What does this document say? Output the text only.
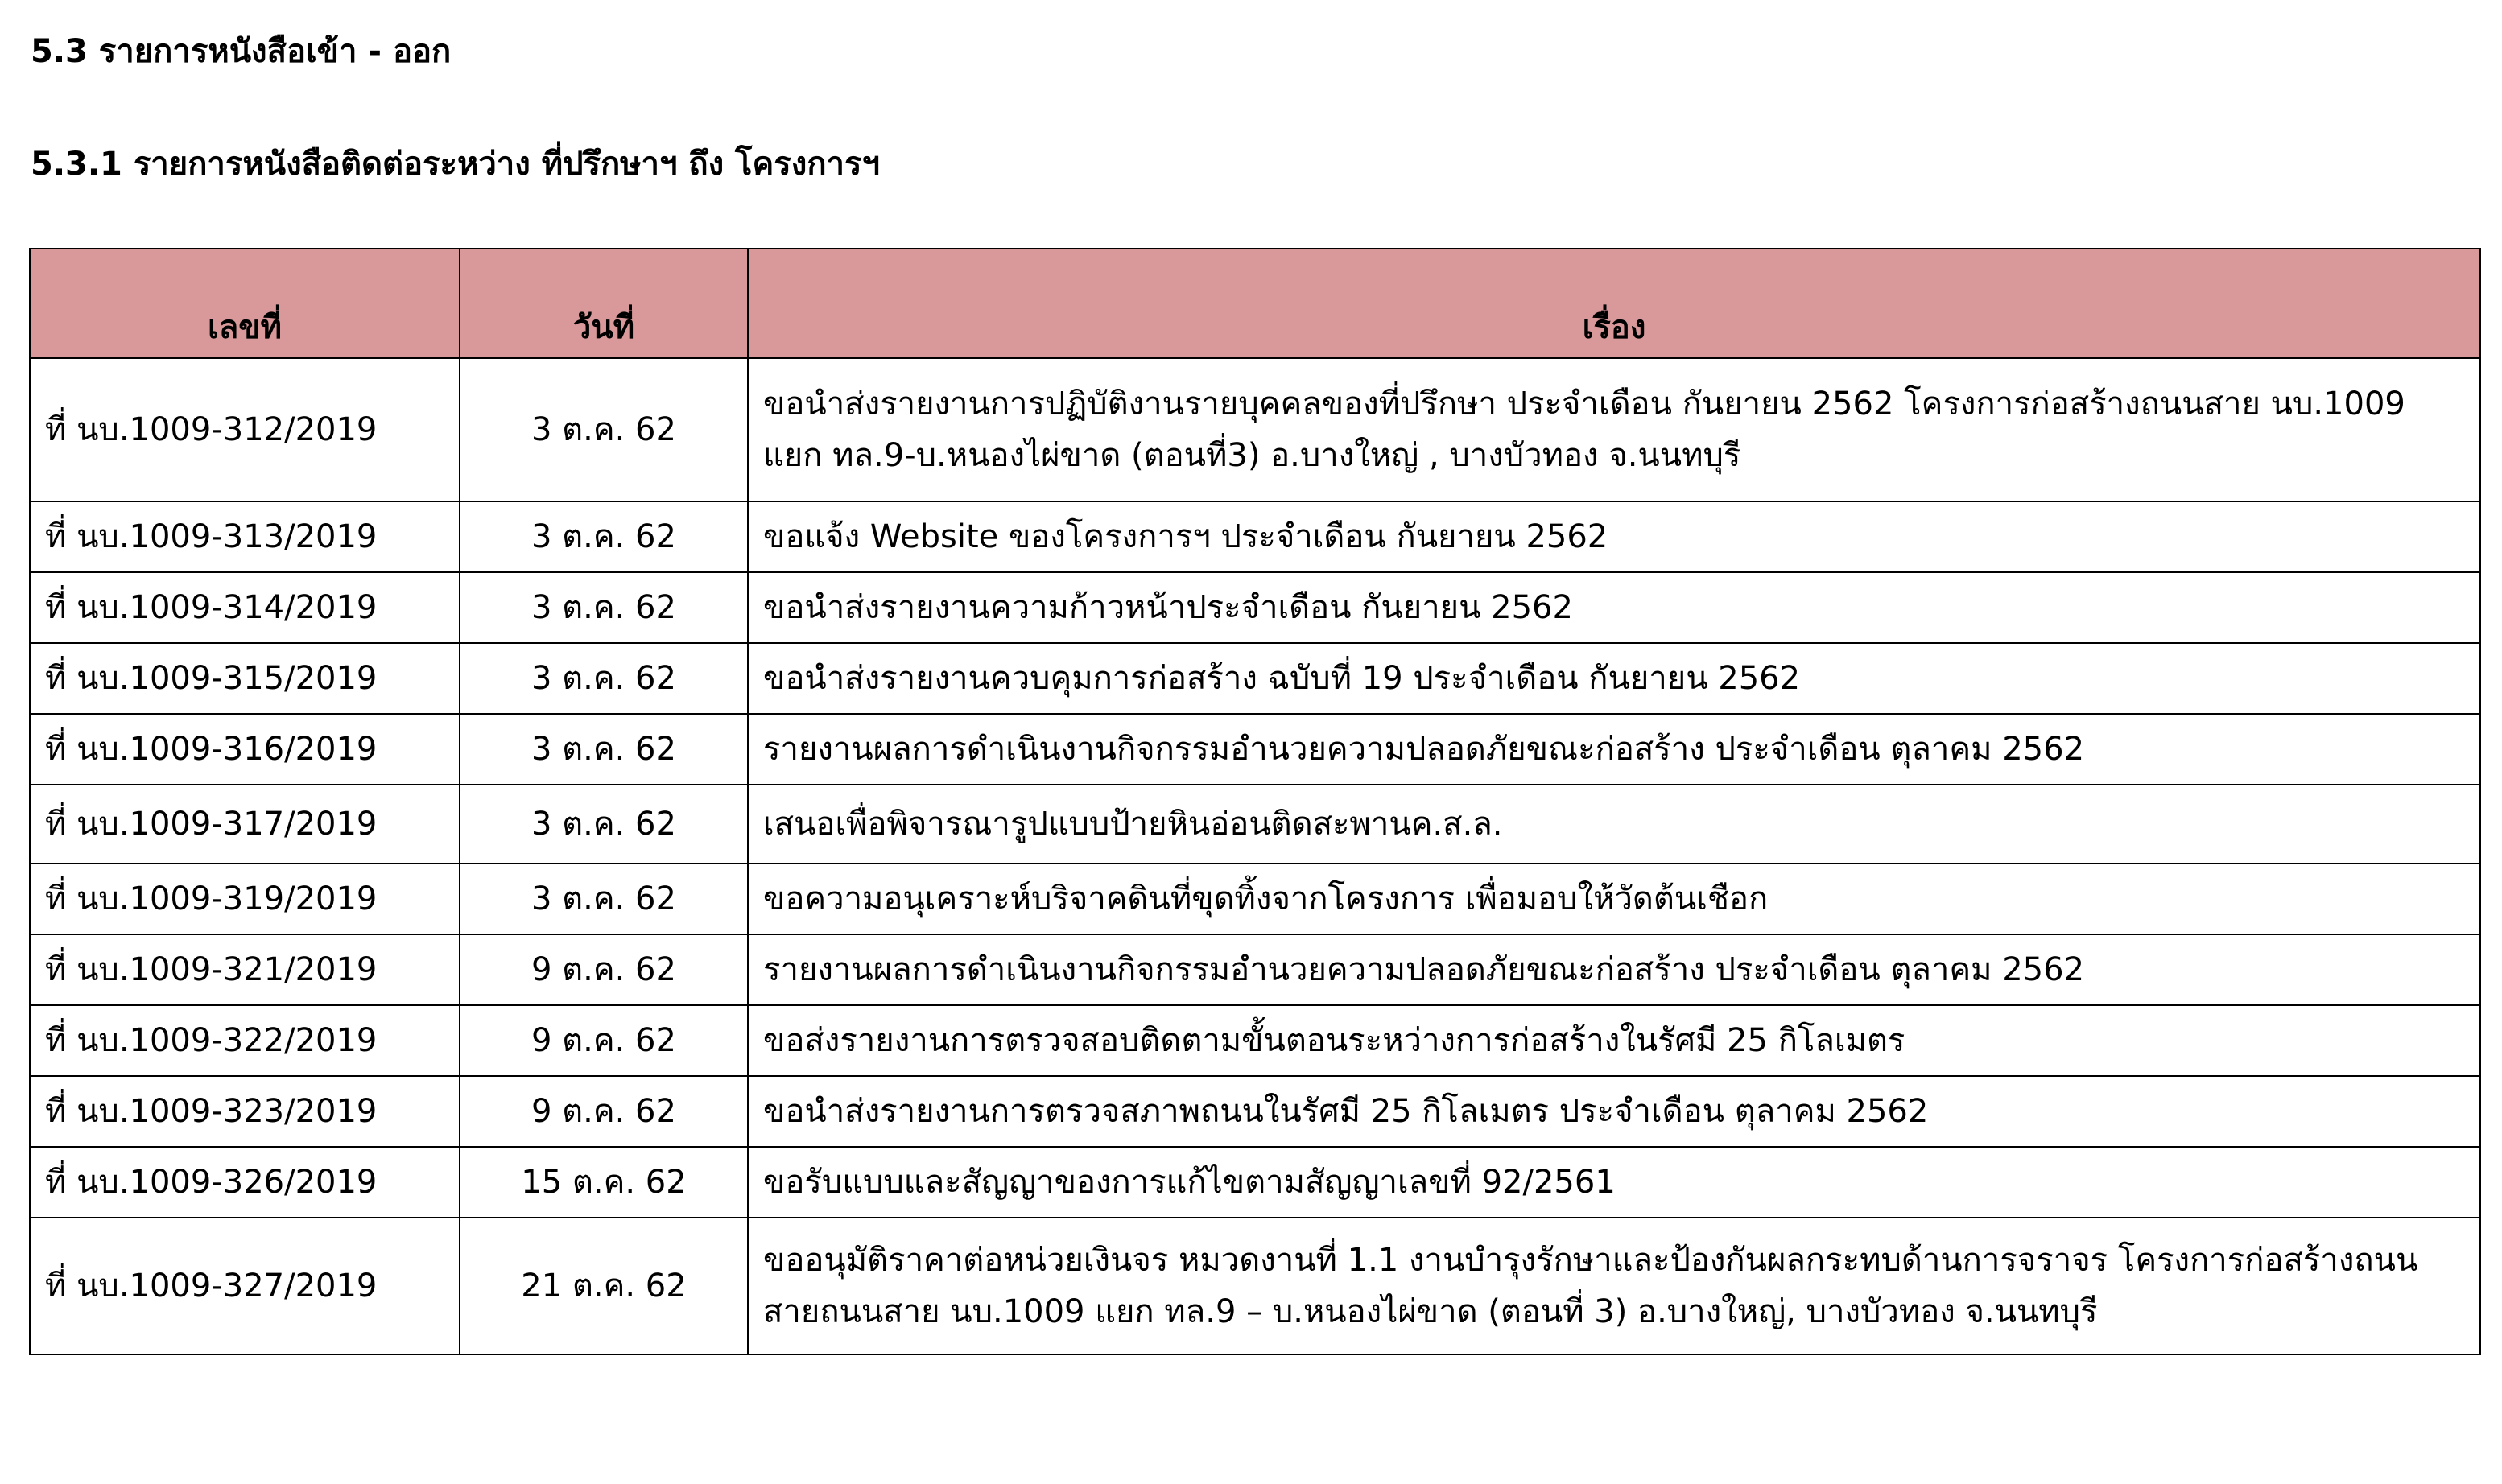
5.3 รายการหนังสือเข้า - ออก
5.3.1 รายการหนังสือติดต่อระหว่าง ที่ปรึกษาฯ ถึง โครงการฯ
เลขที่	วันที่	เรื่อง
ที่ นบ.1009-312/2019	3 ต.ค. 62	ขอนำส่งรายงานการปฏิบัติงานรายบุคคลของที่ปรึกษา ประจำเดือน กันยายน 2562 โครงการก่อสร้างถนนสาย นบ.1009 แยก ทล.9-บ.หนองไผ่ขาด (ตอนที่3) อ.บางใหญ่ , บางบัวทอง จ.นนทบุรี
ที่ นบ.1009-313/2019	3 ต.ค. 62	ขอแจ้ง Website ของโครงการฯ ประจำเดือน กันยายน 2562
ที่ นบ.1009-314/2019	3 ต.ค. 62	ขอนำส่งรายงานความก้าวหน้าประจำเดือน กันยายน 2562
ที่ นบ.1009-315/2019	3 ต.ค. 62	ขอนำส่งรายงานควบคุมการก่อสร้าง ฉบับที่ 19 ประจำเดือน กันยายน 2562
ที่ นบ.1009-316/2019	3 ต.ค. 62	รายงานผลการดำเนินงานกิจกรรมอำนวยความปลอดภัยขณะก่อสร้าง ประจำเดือน ตุลาคม 2562
ที่ นบ.1009-317/2019	3 ต.ค. 62	เสนอเพื่อพิจารณารูปแบบป้ายหินอ่อนติดสะพานค.ส.ล.
ที่ นบ.1009-319/2019	3 ต.ค. 62	ขอความอนุเคราะห์บริจาคดินที่ขุดทิ้งจากโครงการ เพื่อมอบให้วัดต้นเชือก
ที่ นบ.1009-321/2019	9 ต.ค. 62	รายงานผลการดำเนินงานกิจกรรมอำนวยความปลอดภัยขณะก่อสร้าง ประจำเดือน ตุลาคม 2562
ที่ นบ.1009-322/2019	9 ต.ค. 62	ขอส่งรายงานการตรวจสอบติดตามขั้นตอนระหว่างการก่อสร้างในรัศมี 25 กิโลเมตร
ที่ นบ.1009-323/2019	9 ต.ค. 62	ขอนำส่งรายงานการตรวจสภาพถนนในรัศมี 25 กิโลเมตร ประจำเดือน ตุลาคม 2562
ที่ นบ.1009-326/2019	15 ต.ค. 62	ขอรับแบบและสัญญาของการแก้ไขตามสัญญาเลขที่ 92/2561
ที่ นบ.1009-327/2019	21 ต.ค. 62	ขออนุมัติราคาต่อหน่วยเงินจร หมวดงานที่ 1.1 งานบำรุงรักษาและป้องกันผลกระทบด้านการจราจร โครงการก่อสร้างถนนสายถนนสาย นบ.1009 แยก ทล.9 – บ.หนองไผ่ขาด (ตอนที่ 3) อ.บางใหญ่, บางบัวทอง จ.นนทบุรี
